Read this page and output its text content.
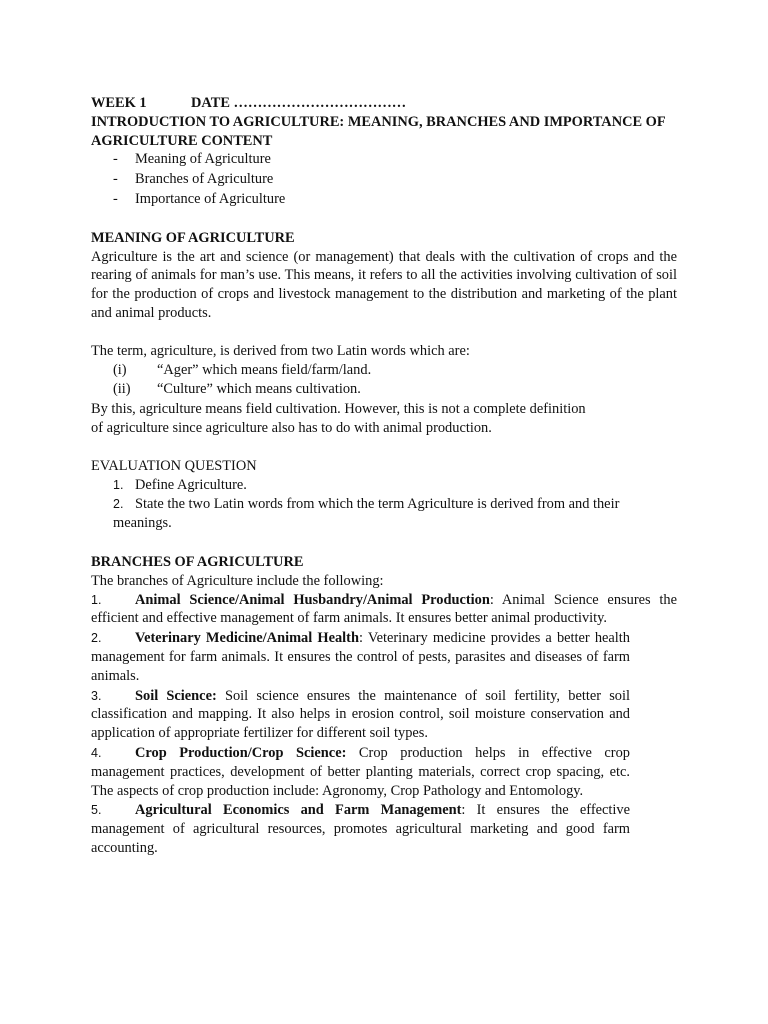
WEEK 1	DATE ………………………………

INTRODUCTION TO AGRICULTURE: MEANING, BRANCHES AND IMPORTANCE OF AGRICULTURE CONTENT

- Meaning of Agriculture
- Branches of Agriculture
- Importance of Agriculture

MEANING OF AGRICULTURE

Agriculture is the art and science (or management) that deals with the cultivation of crops and the rearing of animals for man’s use. This means, it refers to all the activities involving cultivation of soil for the production of crops and livestock management to the distribution and marketing of the plant and animal products.

The term, agriculture, is derived from two Latin words which are:

(i) “Ager” which means field/farm/land.
(ii) “Culture” which means cultivation.

By this, agriculture means field cultivation. However, this is not a complete definition

of agriculture since agriculture also has to do with animal production.

EVALUATION QUESTION

1. Define Agriculture.
2. State the two Latin words from which the term Agriculture is derived from and their meanings.

BRANCHES OF AGRICULTURE

The branches of Agriculture include the following:

1. Animal Science/Animal Husbandry/Animal Production: Animal Science ensures the efficient and effective management of farm animals. It ensures better animal productivity.
2. Veterinary Medicine/Animal Health: Veterinary medicine provides a better health management for farm animals. It ensures the control of pests, parasites and diseases of farm animals.
3. Soil Science: Soil science ensures the maintenance of soil fertility, better soil classification and mapping. It also helps in erosion control, soil moisture conservation and application of appropriate fertilizer for different soil types.
4. Crop Production/Crop Science: Crop production helps in effective crop management practices, development of better planting materials, correct crop spacing, etc. The aspects of crop production include: Agronomy, Crop Pathology and Entomology.
5. Agricultural Economics and Farm Management: It ensures the effective management of agricultural resources, promotes agricultural marketing and good farm accounting.
